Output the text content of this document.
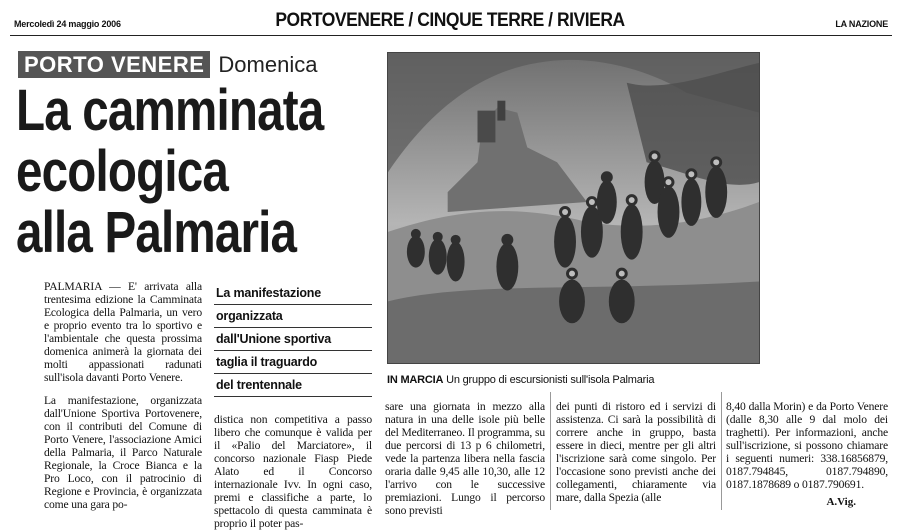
Mercoledì 24 maggio 2006	PORTOVENERE / CINQUE TERRE / RIVIERA	LA NAZIONE
PORTO VENERE Domenica
La camminata
ecologica
alla Palmaria

PALMARIA — E' arrivata alla trentesima edizione la Camminata Ecologica della Palmaria, un vero e proprio evento tra lo sportivo e l'ambientale che questa prossima domenica animerà la giornata dei molti appassionati radunati sull'isola davanti Porto Venere.

La manifestazione, organizzata dall'Unione Sportiva Portovenere, con il contributi del Comune di Porto Venere, l'associazione Amici della Palmaria, il Parco Naturale Regionale, la Croce Bianca e la Pro Loco, con il patrocinio di Regione e Provincia, è organizzata come una gara po-

La manifestazione
organizzata
dall'Unione sportiva
taglia il traguardo
del trentennale

distica non competitiva a passo libero che comunque è valida per il «Palio del Marciatore», il concorso nazionale Fiasp Piede Alato ed il Concorso internazionale Ivv. In ogni caso, premi e classifiche a parte, lo spettacolo di questa camminata è proprio il poter pas-

IN MARCIA Un gruppo di escursionisti sull'isola Palmaria

sare una giornata in mezzo alla natura in una delle isole più belle del Mediterraneo. Il programma, su due percorsi di 13 p 6 chilometri, vede la partenza libera nella fascia oraria dalle 9,45 alle 10,30, alle 12 l'arrivo con le successive premiazioni. Lungo il percorso sono previsti

dei punti di ristoro ed i servizi di assistenza. Ci sarà la possibilità di correre anche in gruppo, basta essere in dieci, mentre per gli altri l'iscrizione sarà come singolo. Per l'occasione sono previsti anche dei collegamenti, chiaramente via mare, dalla Spezia (alle

8,40 dalla Morin) e da Porto Venere (dalle 8,30 alle 9 dal molo dei traghetti). Per informazioni, anche sull'iscrizione, si possono chiamare i seguenti numeri: 338.16856879, 0187.794845, 0187.794890, 0187.1878689 o 0187.790691.

A.Vig.
